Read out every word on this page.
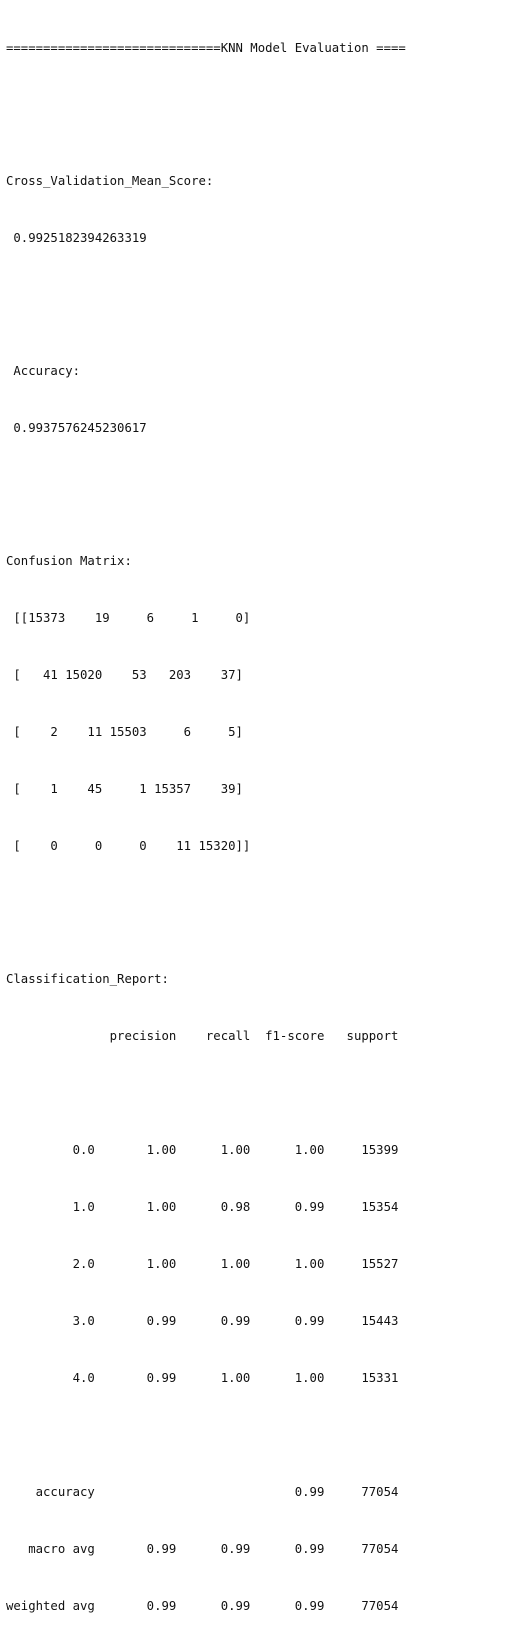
=============================KNN Model Evaluation ====

Cross_Validation_Mean_Score:

0.9925182394263319

Accuracy:

0.9937576245230617

Confusion Matrix:

[[15373    19     6     1     0]

[   41 15020    53   203    37]

[    2    11 15503     6     5]

[    1    45     1 15357    39]

[    0     0     0    11 15320]]

Classification_Report:

precision    recall  f1-score   support

0.0       1.00      1.00      1.00     15399

1.0       1.00      0.98      0.99     15354

2.0       1.00      1.00      1.00     15527

3.0       0.99      0.99      0.99     15443

4.0       0.99      1.00      1.00     15331

accuracy                           0.99     77054

macro avg       0.99      0.99      0.99     77054

weighted avg       0.99      0.99      0.99     77054
